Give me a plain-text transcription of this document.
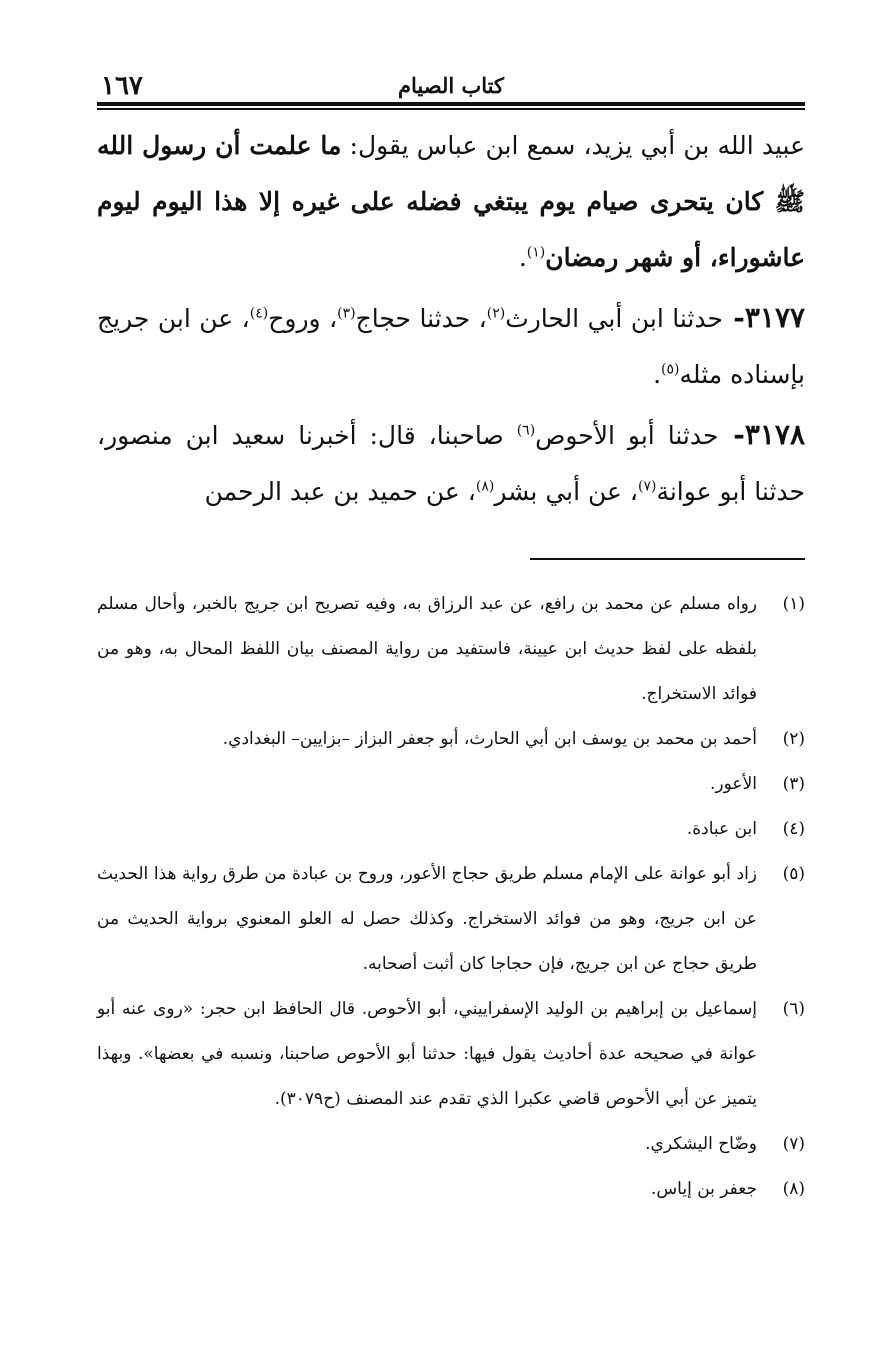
١٦٧	كتاب الصيام

عبيد الله بن أبي يزيد، سمع ابن عباس يقول: ما علمت أن رسول الله ﷺ كان يتحرى صيام يوم يبتغي فضله على غيره إلا هذا اليوم ليوم عاشوراء، أو شهر رمضان$^{(١)}$.

٣١٧٧- حدثنا ابن أبي الحارث$^{(٢)}$، حدثنا حجاج$^{(٣)}$، وروح$^{(٤)}$، عن ابن جريج بإسناده مثله$^{(٥)}$.

٣١٧٨- حدثنا أبو الأحوص$^{(٦)}$ صاحبنا، قال: أخبرنا سعيد ابن منصور، حدثنا أبو عوانة$^{(٧)}$، عن أبي بشر$^{(٨)}$، عن حميد بن عبد الرحمن

(١)
رواه مسلم عن محمد بن رافع، عن عبد الرزاق به، وفيه تصريح ابن جريج بالخبر، وأحال مسلم بلفظه على لفظ حديث ابن عيينة، فاستفيد من رواية المصنف بيان اللفظ المحال به، وهو من فوائد الاستخراج.

(٢)
أحمد بن محمد بن يوسف ابن أبي الحارث، أبو جعفر البزاز –بزايين– البغدادي.

(٣)
الأعور.

(٤)
ابن عبادة.

(٥)
زاد أبو عوانة على الإمام مسلم طريق حجاج الأعور، وروح بن عبادة من طرق رواية هذا الحديث عن ابن جريج، وهو من فوائد الاستخراج. وكذلك حصل له العلو المعنوي برواية الحديث من طريق حجاج عن ابن جريج، فإن حجاجا كان أثبت أصحابه.

(٦)
إسماعيل بن إبراهيم بن الوليد الإسفراييني، أبو الأحوص. قال الحافظ ابن حجر: «روى عنه أبو عوانة في صحيحه عدة أحاديث يقول فيها: حدثنا أبو الأحوص صاحبنا، ونسبه في بعضها». وبهذا يتميز عن أبي الأحوص قاضي عكبرا الذي تقدم عند المصنف (ح٣٠٧٩).

(٧)
وضّاح اليشكري.

(٨)
جعفر بن إياس.
